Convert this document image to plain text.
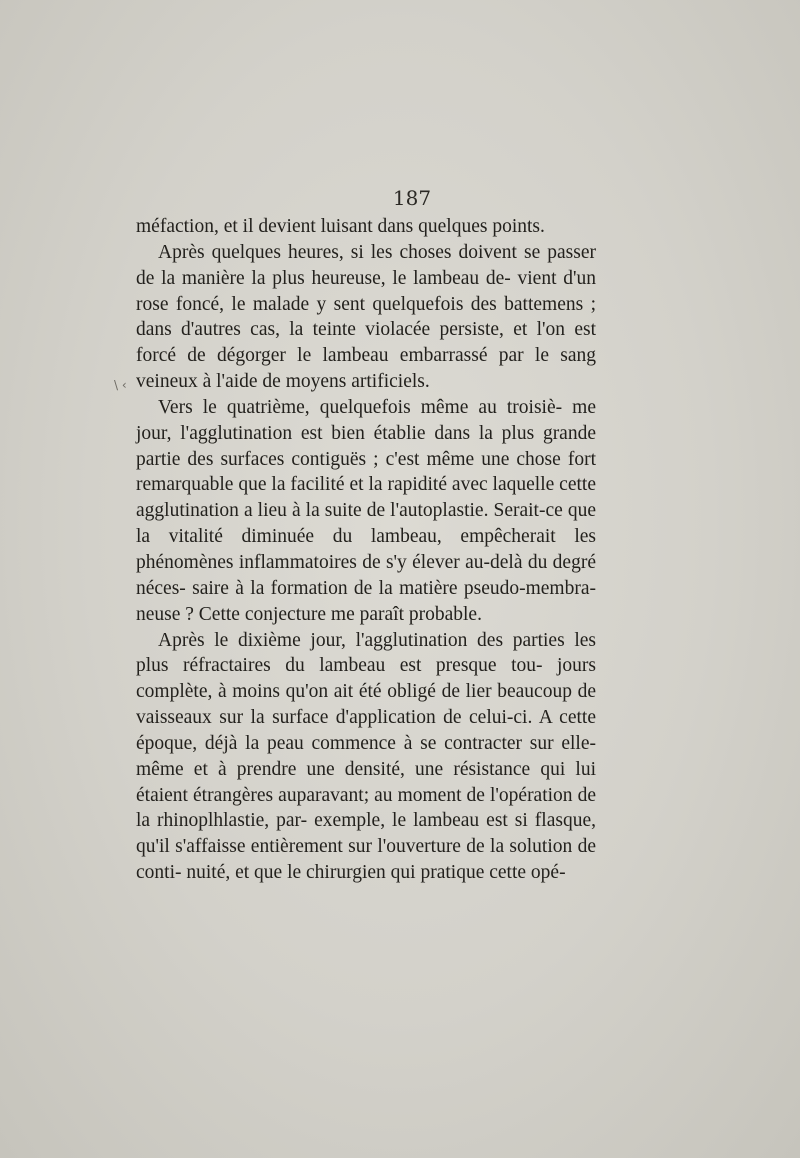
187
\ ‹

méfaction, et il devient luisant dans quelques points.

Après quelques heures, si les choses doivent se passer de la manière la plus heureuse, le lambeau de- vient d'un rose foncé, le malade y sent quelquefois des battemens ; dans d'autres cas, la teinte violacée persiste, et l'on est forcé de dégorger le lambeau embarrassé par le sang veineux à l'aide de moyens artificiels.

Vers le quatrième, quelquefois même au troisiè- me jour, l'agglutination est bien établie dans la plus grande partie des surfaces contiguës ; c'est même une chose fort remarquable que la facilité et la rapidité avec laquelle cette agglutination a lieu à la suite de l'autoplastie. Serait-ce que la vitalité diminuée du lambeau, empêcherait les phénomènes inflammatoires de s'y élever au-delà du degré néces- saire à la formation de la matière pseudo-membra- neuse ? Cette conjecture me paraît probable.

Après le dixième jour, l'agglutination des parties les plus réfractaires du lambeau est presque tou- jours complète, à moins qu'on ait été obligé de lier beaucoup de vaisseaux sur la surface d'application de celui-ci. A cette époque, déjà la peau commence à se contracter sur elle-même et à prendre une densité, une résistance qui lui étaient étrangères auparavant; au moment de l'opération de la rhinoplhlastie, par- exemple, le lambeau est si flasque, qu'il s'affaisse entièrement sur l'ouverture de la solution de conti- nuité, et que le chirurgien qui pratique cette opé-
